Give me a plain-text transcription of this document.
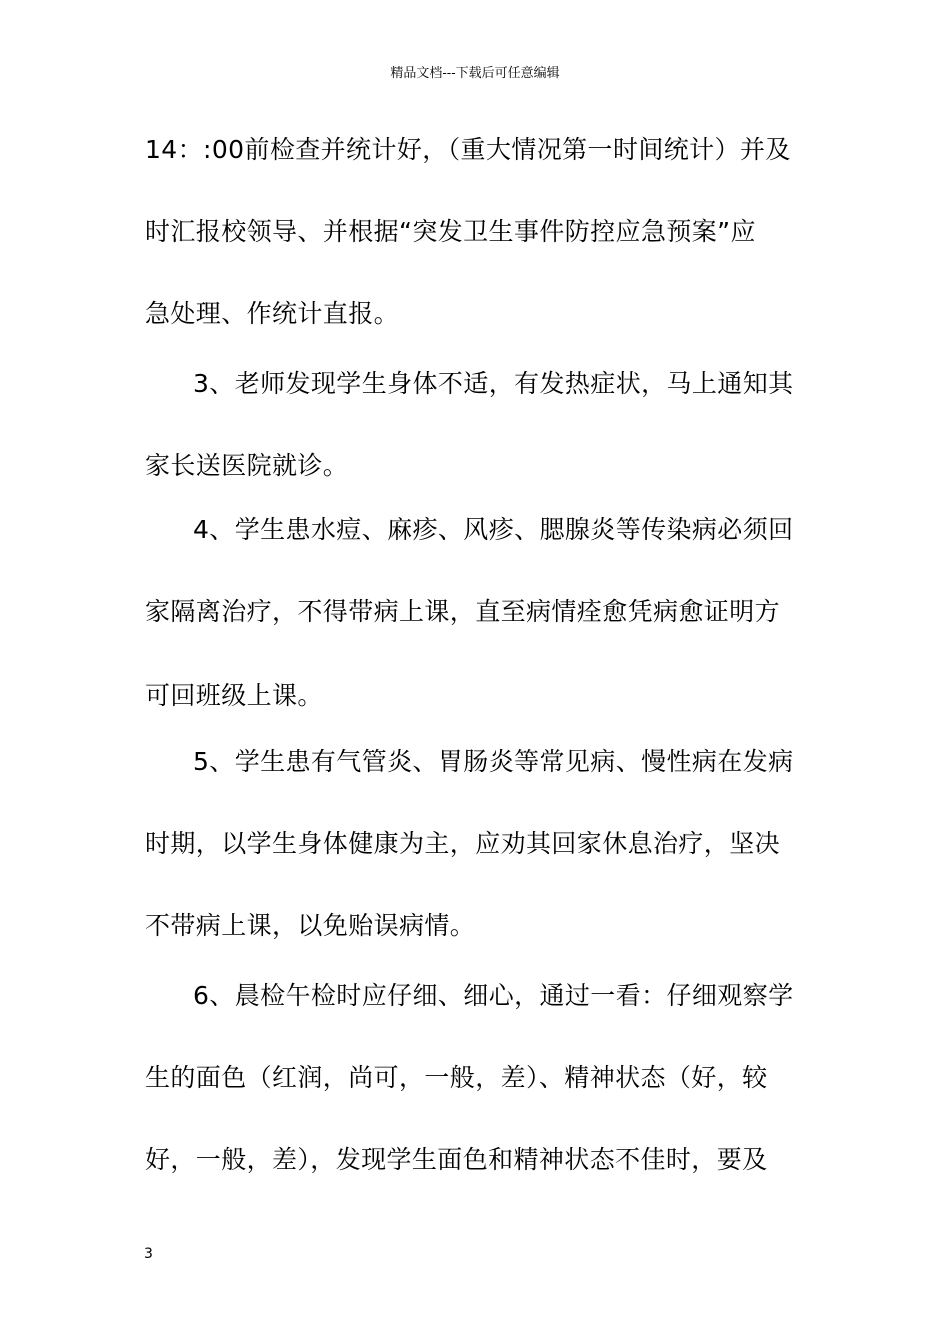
精品文档---下载后可任意编辑
14：:00前检查并统计好，（重大情况第一时间统计）并及
时汇报校领导、并根据“突发卫生事件防控应急预案”应
急处理、作统计直报。
3、老师发现学生身体不适，有发热症状，马上通知其
家长送医院就诊。
4、学生患水痘、麻疹、风疹、腮腺炎等传染病必须回
家隔离治疗，不得带病上课，直至病情痊愈凭病愈证明方
可回班级上课。
5、学生患有气管炎、胃肠炎等常见病、慢性病在发病
时期，以学生身体健康为主，应劝其回家休息治疗，坚决
不带病上课，以免贻误病情。
6、晨检午检时应仔细、细心，通过一看：仔细观察学
生的面色（红润，尚可，一般，差）、精神状态（好，较
好，一般，差），发现学生面色和精神状态不佳时，要及
3
